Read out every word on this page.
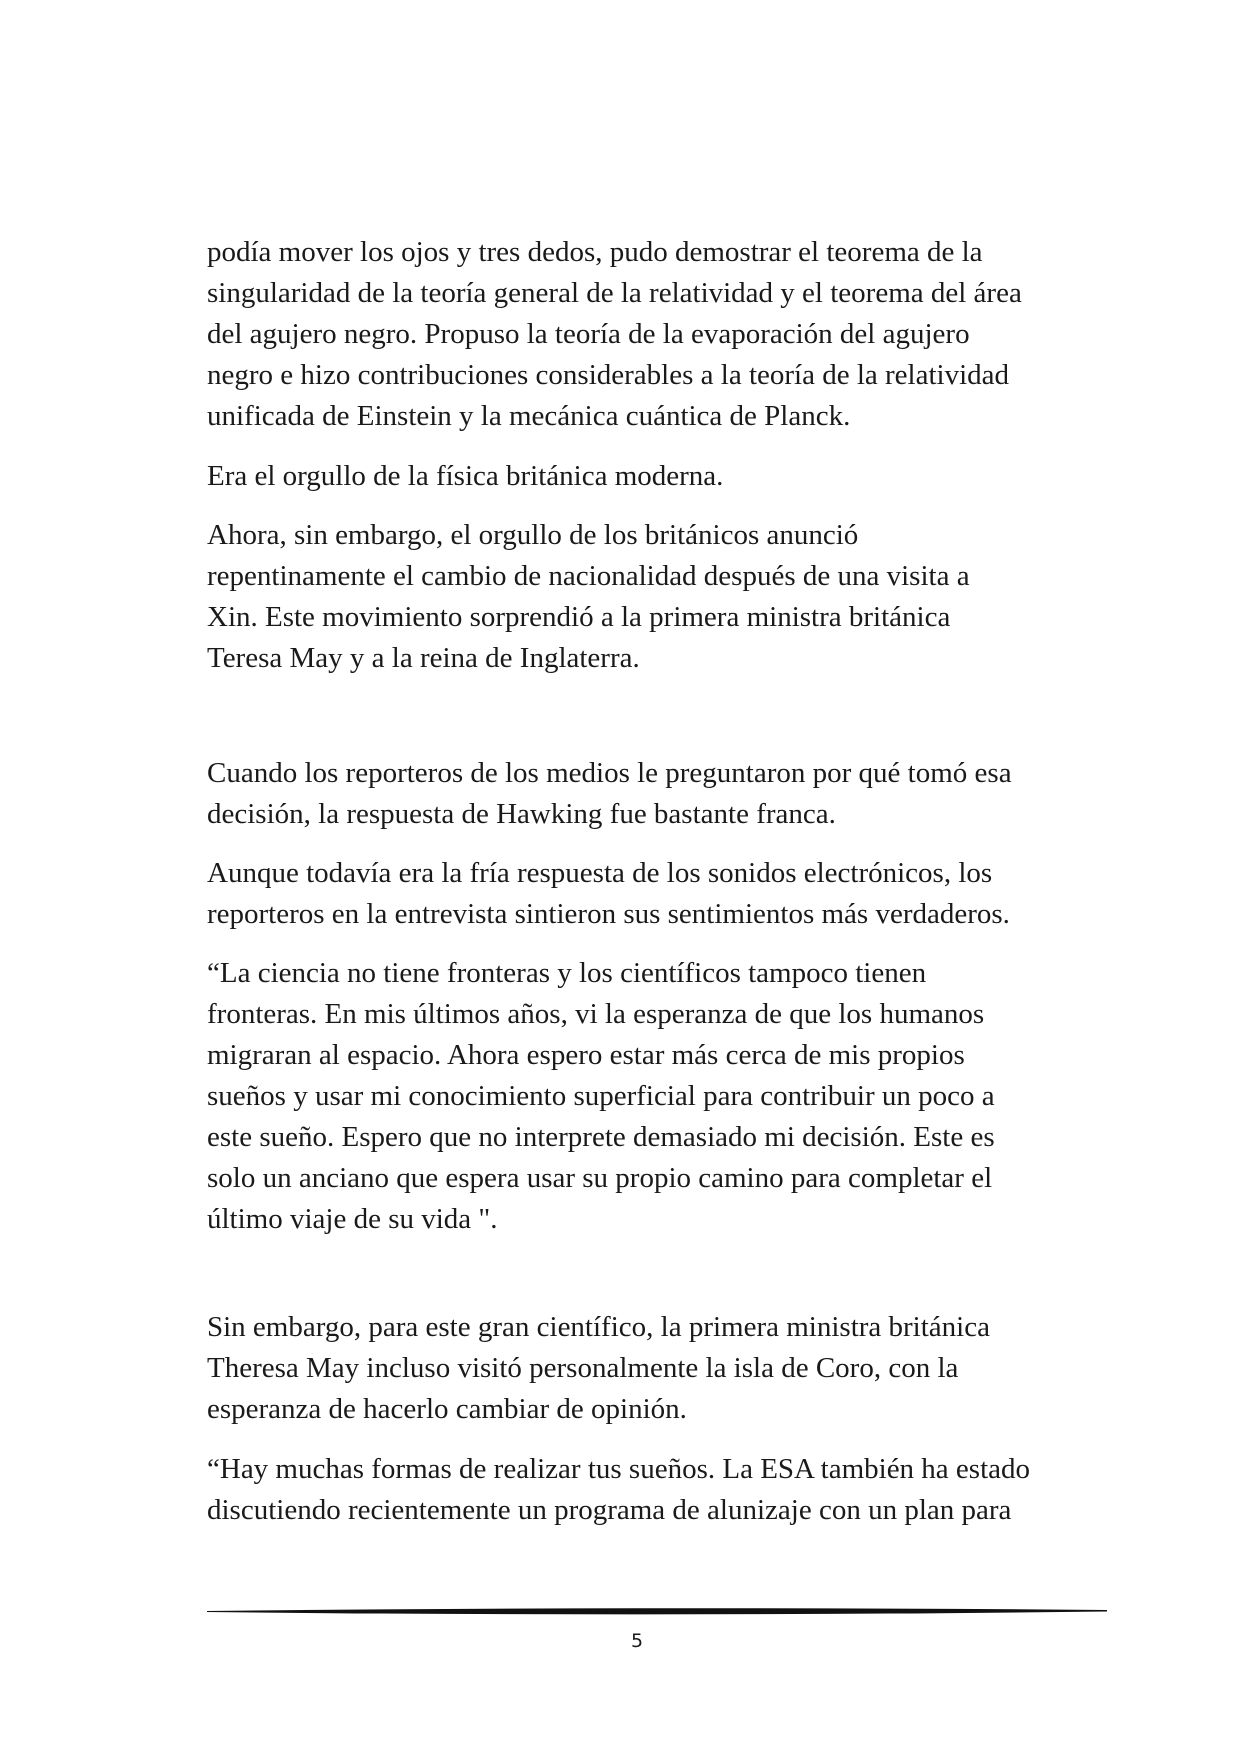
podía mover los ojos y tres dedos, pudo demostrar el teorema de la
singularidad de la teoría general de la relatividad y el teorema del área
del agujero negro. Propuso la teoría de la evaporación del agujero
negro e hizo contribuciones considerables a la teoría de la relatividad
unificada de Einstein y la mecánica cuántica de Planck.
Era el orgullo de la física británica moderna.
Ahora, sin embargo, el orgullo de los británicos anunció
repentinamente el cambio de nacionalidad después de una visita a
Xin. Este movimiento sorprendió a la primera ministra británica
Teresa May y a la reina de Inglaterra.
Cuando los reporteros de los medios le preguntaron por qué tomó esa
decisión, la respuesta de Hawking fue bastante franca.
Aunque todavía era la fría respuesta de los sonidos electrónicos, los
reporteros en la entrevista sintieron sus sentimientos más verdaderos.
“La ciencia no tiene fronteras y los científicos tampoco tienen
fronteras. En mis últimos años, vi la esperanza de que los humanos
migraran al espacio. Ahora espero estar más cerca de mis propios
sueños y usar mi conocimiento superficial para contribuir un poco a
este sueño. Espero que no interprete demasiado mi decisión. Este es
solo un anciano que espera usar su propio camino para completar el
último viaje de su vida ".
Sin embargo, para este gran científico, la primera ministra británica
Theresa May incluso visitó personalmente la isla de Coro, con la
esperanza de hacerlo cambiar de opinión.
“Hay muchas formas de realizar tus sueños. La ESA también ha estado
discutiendo recientemente un programa de alunizaje con un plan para
5
